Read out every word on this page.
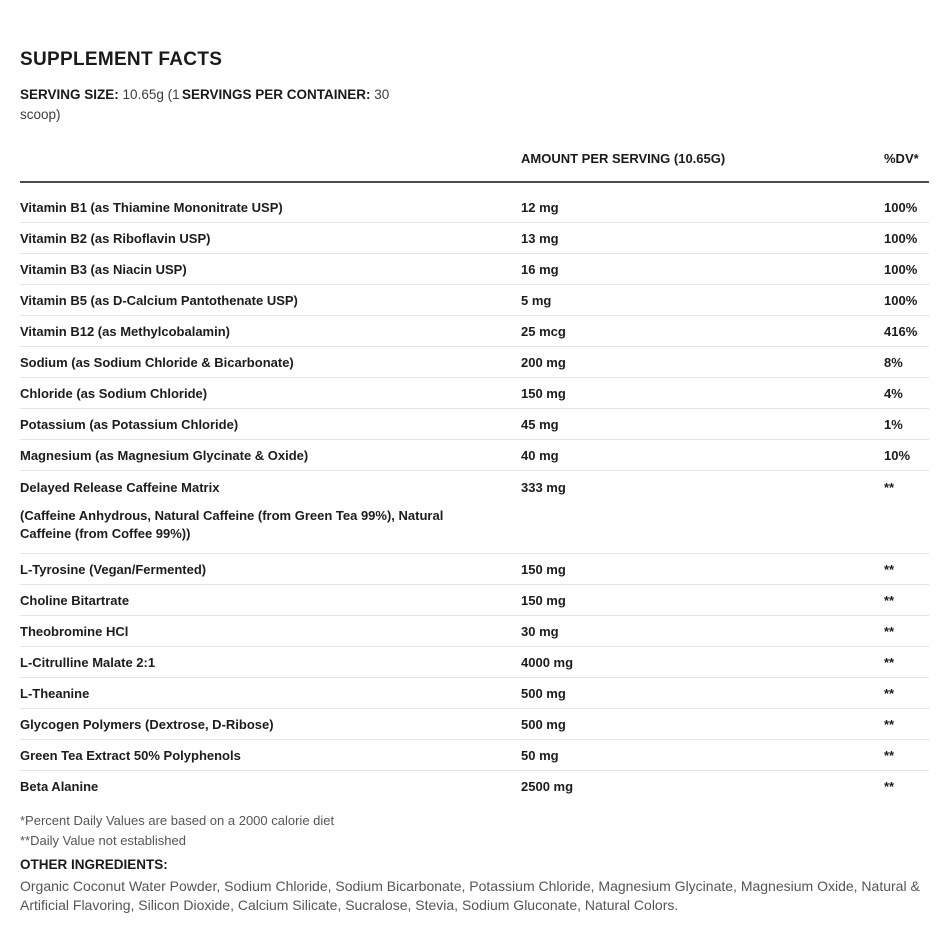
SUPPLEMENT FACTS
SERVING SIZE: 10.65g (1 scoop)
SERVINGS PER CONTAINER: 30
AMOUNT PER SERVING (10.65G)	%DV*
Vitamin B1 (as Thiamine Mononitrate USP)	12 mg	100%
Vitamin B2 (as Riboflavin USP)	13 mg	100%
Vitamin B3 (as Niacin USP)	16 mg	100%
Vitamin B5 (as D-Calcium Pantothenate USP)	5 mg	100%
Vitamin B12 (as Methylcobalamin)	25 mcg	416%
Sodium (as Sodium Chloride & Bicarbonate)	200 mg	8%
Chloride (as Sodium Chloride)	150 mg	4%
Potassium (as Potassium Chloride)	45 mg	1%
Magnesium (as Magnesium Glycinate & Oxide)	40 mg	10%
Delayed Release Caffeine Matrix	333 mg	**
(Caffeine Anhydrous, Natural Caffeine (from Green Tea 99%), Natural Caffeine (from Coffee 99%))
L-Tyrosine (Vegan/Fermented)	150 mg	**
Choline Bitartrate	150 mg	**
Theobromine HCl	30 mg	**
L-Citrulline Malate 2:1	4000 mg	**
L-Theanine	500 mg	**
Glycogen Polymers (Dextrose, D-Ribose)	500 mg	**
Green Tea Extract 50% Polyphenols	50 mg	**
Beta Alanine	2500 mg	**

*Percent Daily Values are based on a 2000 calorie diet

**Daily Value not established

OTHER INGREDIENTS:

Organic Coconut Water Powder, Sodium Chloride, Sodium Bicarbonate, Potassium Chloride, Magnesium Glycinate, Magnesium Oxide, Natural & Artificial Flavoring, Silicon Dioxide, Calcium Silicate, Sucralose, Stevia, Sodium Gluconate, Natural Colors.
